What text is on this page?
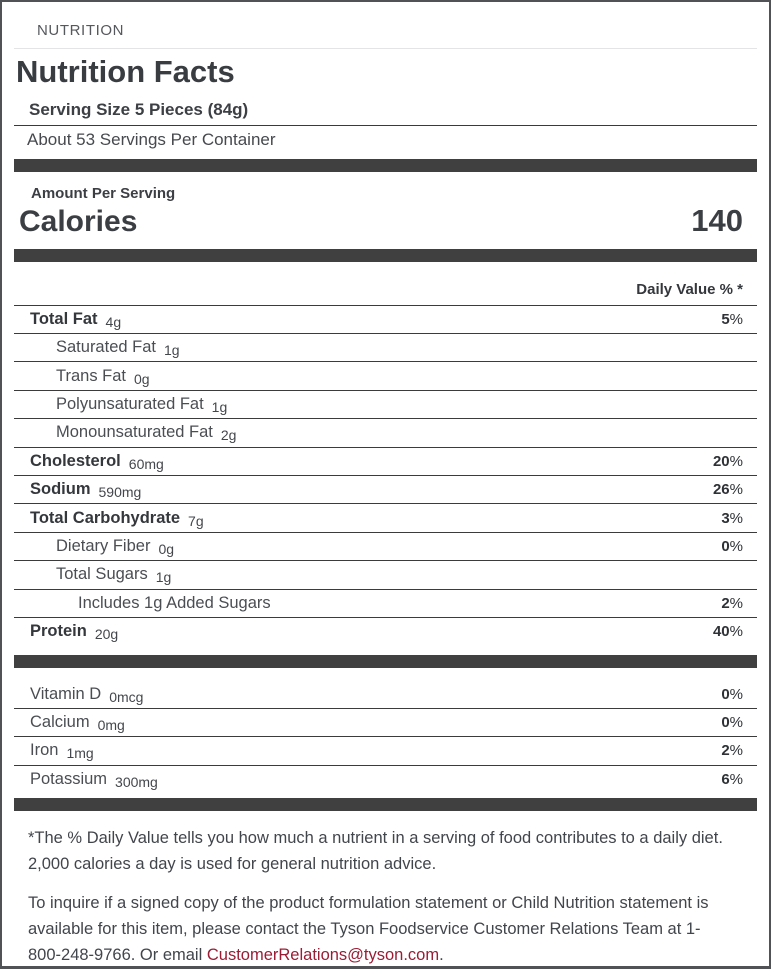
NUTRITION
Nutrition Facts
Serving Size 5 Pieces (84g)
About 53 Servings Per Container
Amount Per Serving
Calories	140
Daily Value % *
Total Fat 4g	5%
Saturated Fat 1g
Trans Fat 0g
Polyunsaturated Fat 1g
Monounsaturated Fat 2g
Cholesterol 60mg	20%
Sodium 590mg	26%
Total Carbohydrate 7g	3%
Dietary Fiber 0g	0%
Total Sugars 1g
Includes 1g Added Sugars	2%
Protein 20g	40%
Vitamin D 0mcg	0%
Calcium 0mg	0%
Iron 1mg	2%
Potassium 300mg	6%

*The % Daily Value tells you how much a nutrient in a serving of food contributes to a daily diet. 2,000 calories a day is used for general nutrition advice.

To inquire if a signed copy of the product formulation statement or Child Nutrition statement is available for this item, please contact the Tyson Foodservice Customer Relations Team at 1-800-248-9766. Or email CustomerRelations@tyson.com.
